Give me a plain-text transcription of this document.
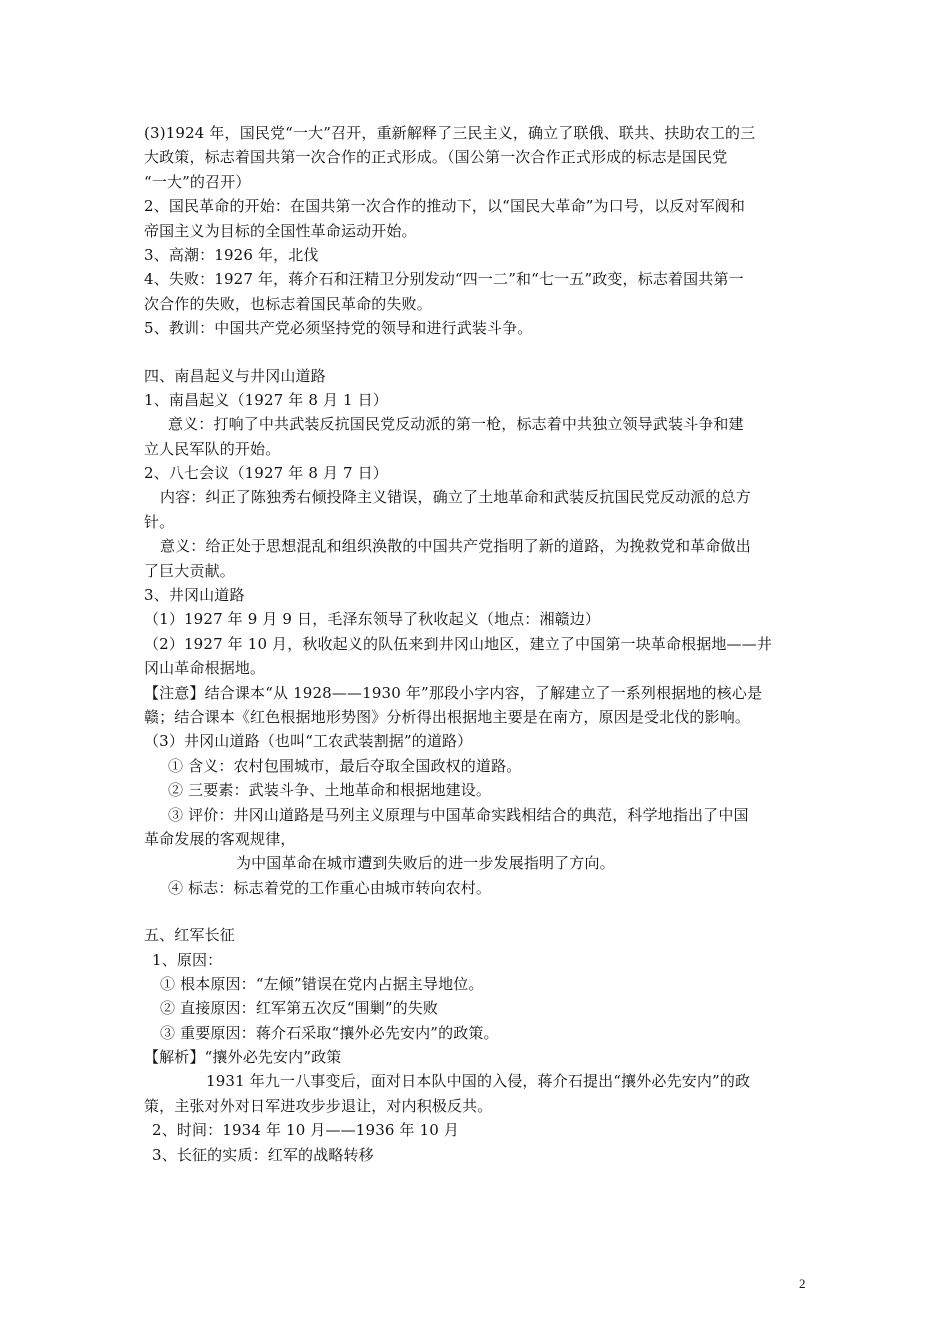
(3)1924 年，国民党“一大”召开，重新解释了三民主义，确立了联俄、联共、扶助农工的三
大政策，标志着国共第一次合作的正式形成。（国公第一次合作正式形成的标志是国民党
“一大”的召开）
2、国民革命的开始：在国共第一次合作的推动下，以“国民大革命”为口号，以反对军阀和
帝国主义为目标的全国性革命运动开始。
3、高潮：1926 年，北伐
4、失败：1927 年，蒋介石和汪精卫分别发动“四一二”和“七一五”政变，标志着国共第一
次合作的失败，也标志着国民革命的失败。
5、教训：中国共产党必须坚持党的领导和进行武装斗争。
四、南昌起义与井冈山道路
1、南昌起义（1927 年 8 月 1 日）
意义：打响了中共武装反抗国民党反动派的第一枪，标志着中共独立领导武装斗争和建
立人民军队的开始。
2、八七会议（1927 年 8 月 7 日）
内容：纠正了陈独秀右倾投降主义错误，确立了土地革命和武装反抗国民党反动派的总方
针。
意义：给正处于思想混乱和组织涣散的中国共产党指明了新的道路，为挽救党和革命做出
了巨大贡献。
3、井冈山道路
（1）1927 年 9 月 9 日，毛泽东领导了秋收起义（地点：湘赣边）
（2）1927 年 10 月，秋收起义的队伍来到井冈山地区，建立了中国第一块革命根据地——井
冈山革命根据地。
【注意】结合课本“从 1928——1930 年”那段小字内容，了解建立了一系列根据地的核心是
赣；结合课本《红色根据地形势图》分析得出根据地主要是在南方，原因是受北伐的影响。
（3）井冈山道路（也叫“工农武装割据”的道路）
① 含义：农村包围城市，最后夺取全国政权的道路。
② 三要素：武装斗争、土地革命和根据地建设。
③ 评价：井冈山道路是马列主义原理与中国革命实践相结合的典范，科学地指出了中国
革命发展的客观规律，
为中国革命在城市遭到失败后的进一步发展指明了方向。
④ 标志：标志着党的工作重心由城市转向农村。
五、红军长征
1、原因：
① 根本原因：“左倾”错误在党内占据主导地位。
② 直接原因：红军第五次反“围剿”的失败
③ 重要原因：蒋介石采取“攘外必先安内”的政策。
【解析】“攘外必先安内”政策
1931 年九一八事变后，面对日本队中国的入侵，蒋介石提出“攘外必先安内”的政
策，主张对外对日军进攻步步退让，对内积极反共。
2、时间：1934 年 10 月——1936 年 10 月
3、长征的实质：红军的战略转移
2
